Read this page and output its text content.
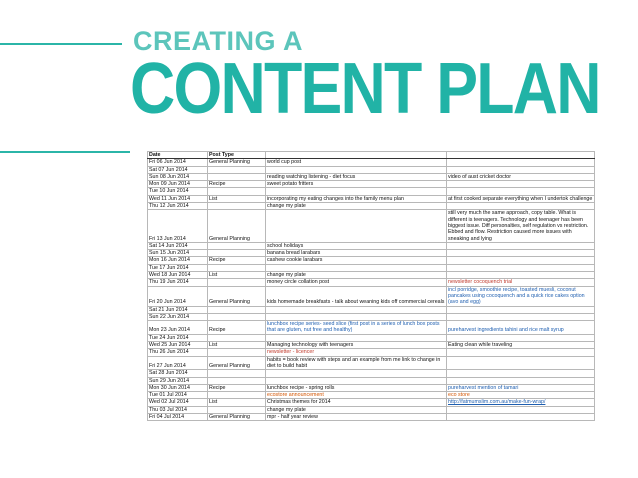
CREATING A
CONTENT PLAN
Date	Post Type		
Fri 06 Jun 2014	General Planning	world cup post	
Sat 07 Jun 2014			
Sun 08 Jun 2014		reading watching listening - diet focus	video of aust cricket doctor
Mon 09 Jun 2014	Recipe	sweet potato fritters	
Tue 10 Jun 2014			
Wed 11 Jun 2014	List	incorporating my eating changes into the family menu plan	at first cooked separate everything when I undertok challenge
Thu 12 Jun 2014		change my plate	
Fri 13 Jun 2014	General Planning		still very much the same approach, copy table. What is different is teenagers. Technology and teenager has been biggest issue. Diff personalties, self regulation vs restriction. Ebbed and flow. Restriction caused more issues with sneaking and lying
Sat 14 Jun 2014		school holidays	
Sun 15 Jun 2014		banana bread larabars	
Mon 16 Jun 2014	Recipe	cashew cookie larabars	
Tue 17 Jun 2014			
Wed 18 Jun 2014	List	change my plate	
Thu 19 Jun 2014		money circle collation post	newsletter cocoquench trial
Fri 20 Jun 2014	General Planning	kids homemade breakfasts - talk about weaning kids off commercial cereals	incl porridge, smoothie recipe, toasted muesli, coconut pancakes using cocoquench and a quick rice cakes option (avo and egg)
Sat 21 Jun 2014			
Sun 22 Jun 2014			
Mon 23 Jun 2014	Recipe	lunchbox recipe series- seed slice (first post in a series of lunch box posts that are gluten, nut free and healthy)	pureharvest ingredients tahini and rice malt syrup
Tue 24 Jun 2014			
Wed 25 Jun 2014	List	Managing technology with teenagers	Eating clean while traveling
Thu 26 Jun 2014		newsletter - licencer	
Fri 27 Jun 2014	General Planning	habits = book review with steps and an example from me link to change in diet to build habit	
Sat 28 Jun 2014			
Sun 29 Jun 2014			
Mon 30 Jun 2014	Recipe	lunchbox recipe - spring rolls	pureharvest mention of tamari
Tue 01 Jul 2014		ecostore announcement	eco store
Wed 02 Jul 2014	List	Christmas themes for 2014	http://fatmumslim.com.au/make-fun-wrap/
Thu 03 Jul 2014		change my plate	
Fri 04 Jul 2014	General Planning	mpr - half year review	
